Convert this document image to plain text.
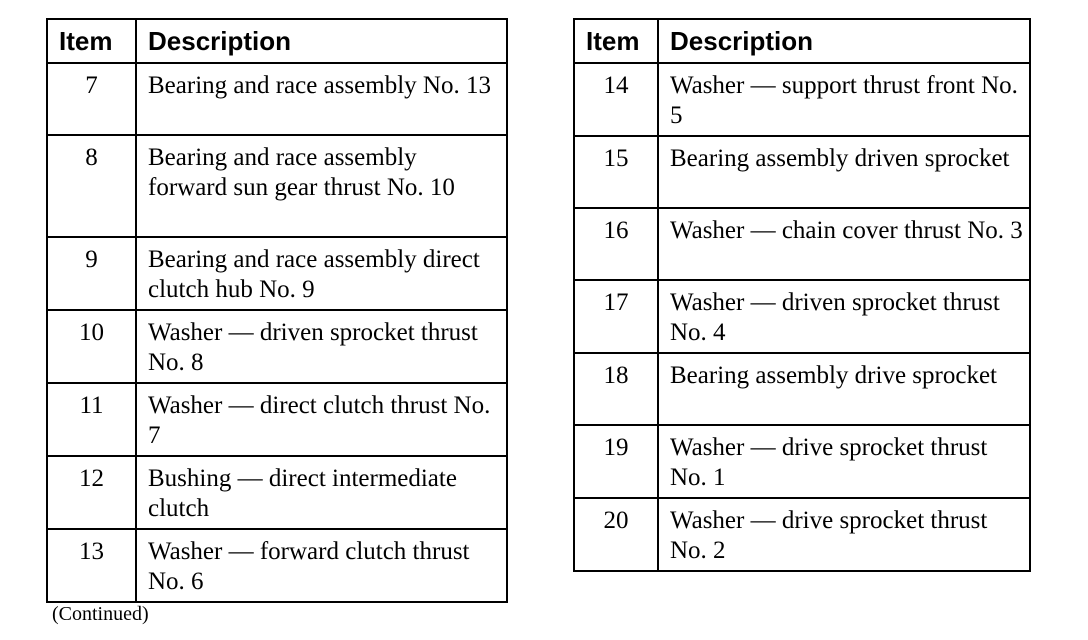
Item	Description
7	Bearing and race assembly No. 13
8	Bearing and race assembly forward sun gear thrust No. 10
9	Bearing and race assembly direct clutch hub No. 9
10	Washer — driven sprocket thrust No. 8
11	Washer — direct clutch thrust No. 7
12	Bushing — direct intermediate clutch
13	Washer — forward clutch thrust No. 6
Item	Description
14	Washer — support thrust front No. 5
15	Bearing assembly driven sprocket
16	Washer — chain cover thrust No. 3
17	Washer — driven sprocket thrust No. 4
18	Bearing assembly drive sprocket
19	Washer — drive sprocket thrust No. 1
20	Washer — drive sprocket thrust No. 2
(Continued)
